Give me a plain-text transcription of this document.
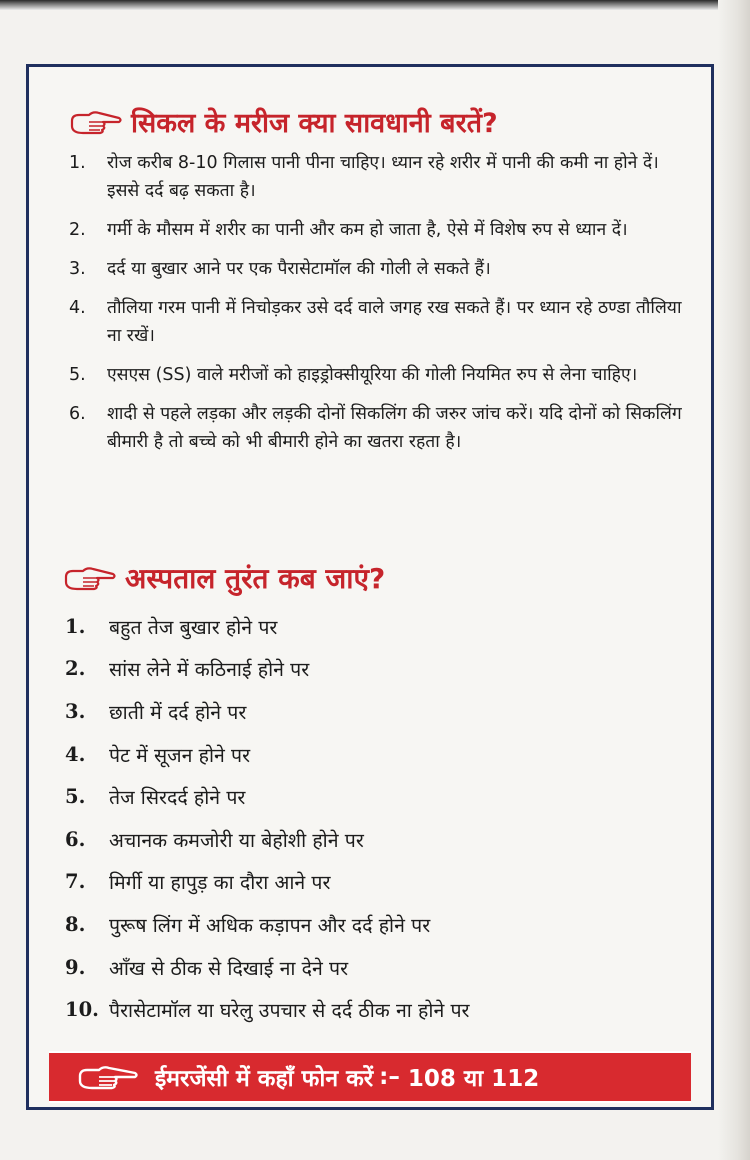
सिकल के मरीज क्या सावधानी बरतें?
1.	रोज करीब 8-10 गिलास पानी पीना चाहिए। ध्यान रहे शरीर में पानी की कमी ना होने दें। इससे दर्द बढ़ सकता है।
2.	गर्मी के मौसम में शरीर का पानी और कम हो जाता है, ऐसे में विशेष रुप से ध्यान दें।
3.	दर्द या बुखार आने पर एक पैरासेटामॉल की गोली ले सकते हैं।
4.	तौलिया गरम पानी में निचोड़कर उसे दर्द वाले जगह रख सकते हैं। पर ध्यान रहे ठण्डा तौलिया ना रखें।
5.	एसएस (SS) वाले मरीजों को हाइड्रोक्सीयूरिया की गोली नियमित रुप से लेना चाहिए।
6.	शादी से पहले लड़का और लड़की दोनों सिकलिंग की जरुर जांच करें। यदि दोनों को सिकलिंग बीमारी है तो बच्चे को भी बीमारी होने का खतरा रहता है।
अस्पताल तुरंत कब जाएं?
1.	बहुत तेज बुखार होने पर
2.	सांस लेने में कठिनाई होने पर
3.	छाती में दर्द होने पर
4.	पेट में सूजन होने पर
5.	तेज सिरदर्द होने पर
6.	अचानक कमजोरी या बेहोशी होने पर
7.	मिर्गी या हापुड़ का दौरा आने पर
8.	पुरूष लिंग में अधिक कड़ापन और दर्द होने पर
9.	आँख से ठीक से दिखाई ना देने पर
10. पैरासेटामॉल या घरेलु उपचार से दर्द ठीक ना होने पर
ईमरजेंसी में कहाँ फोन करें :– 108 या 112
